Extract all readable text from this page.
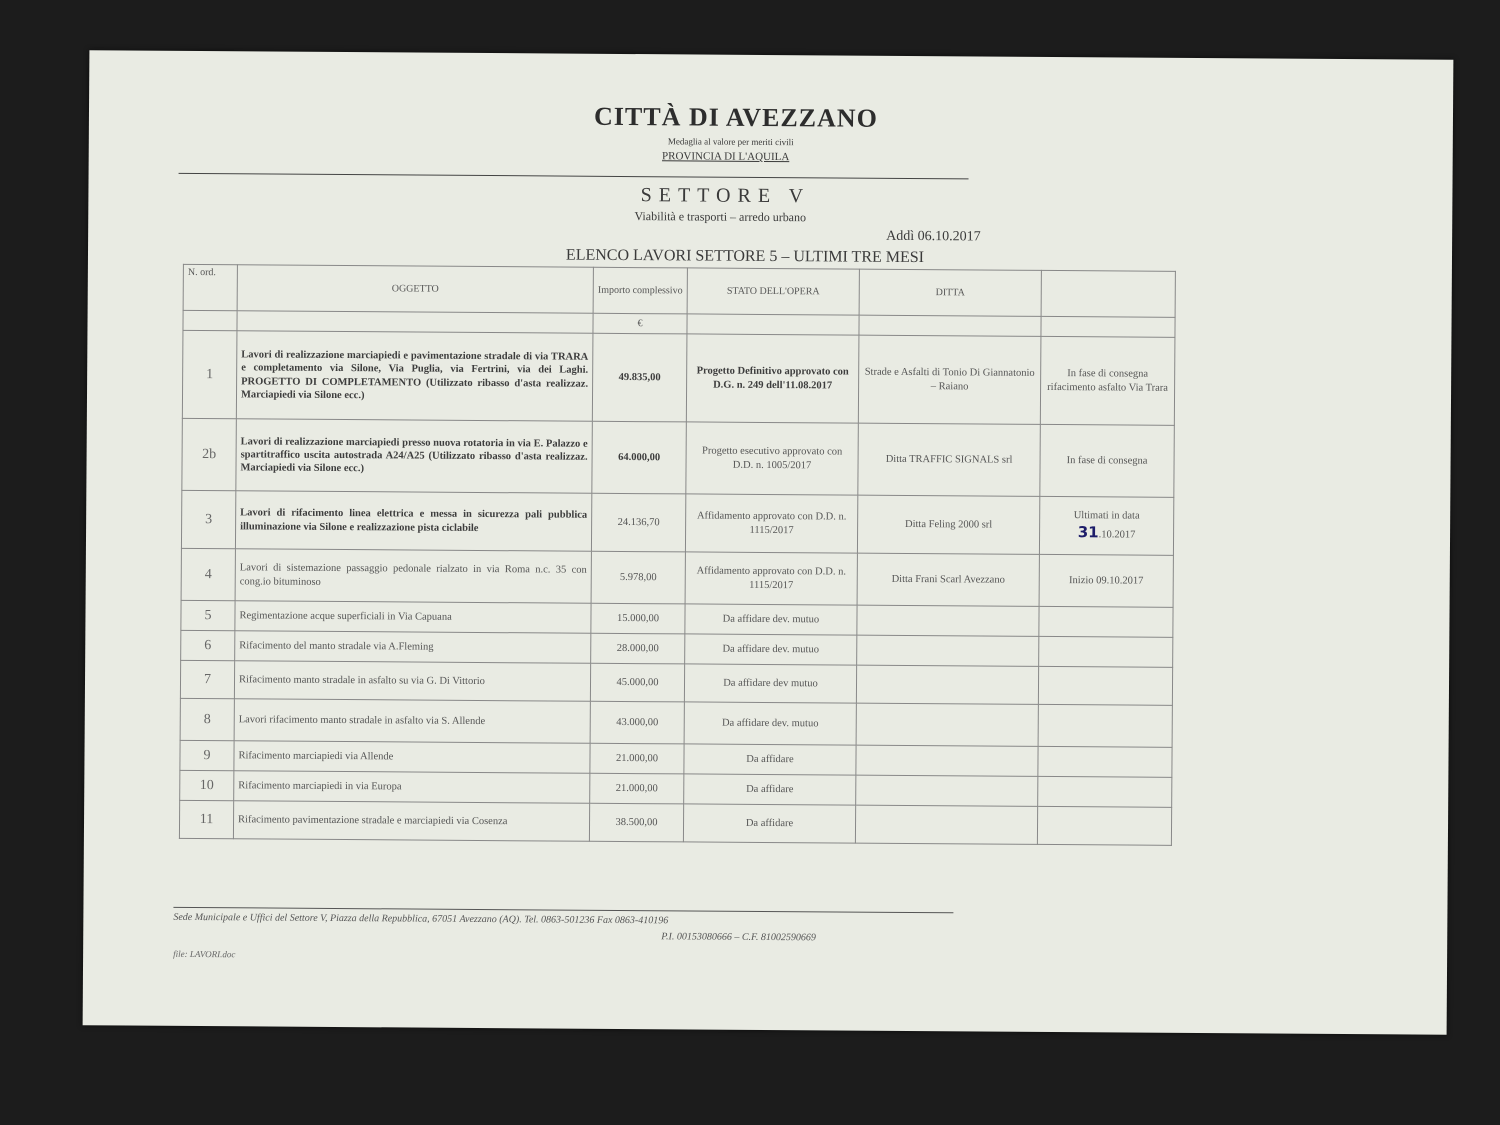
CITTÀ DI AVEZZANO
Medaglia al valore per meriti civili
PROVINCIA DI L'AQUILA
SETTORE V
Viabilità e trasporti – arredo urbano
Addì 06.10.2017
ELENCO LAVORI SETTORE 5 – ULTIMI TRE MESI
N. ord.	OGGETTO	Importo complessivo	STATO DELL'OPERA	DITTA	
		€			
1	Lavori di realizzazione marciapiedi e pavimentazione stradale di via TRARA e completamento via Silone, Via Puglia, via Fertrini, via dei Laghi. PROGETTO DI COMPLETAMENTO (Utilizzato ribasso d'asta realizzaz. Marciapiedi via Silone ecc.)	49.835,00	Progetto Definitivo approvato con D.G. n. 249 dell'11.08.2017	Strade e Asfalti di Tonio Di Giannatonio – Raiano	In fase di consegna rifacimento asfalto Via Trara
2b	Lavori di realizzazione marciapiedi presso nuova rotatoria in via E. Palazzo e spartitraffico uscita autostrada A24/A25 (Utilizzato ribasso d'asta realizzaz. Marciapiedi via Silone ecc.)	64.000,00	Progetto esecutivo approvato con D.D. n. 1005/2017	Ditta TRAFFIC SIGNALS srl	In fase di consegna
3	Lavori di rifacimento linea elettrica e messa in sicurezza pali pubblica illuminazione via Silone e realizzazione pista ciclabile	24.136,70	Affidamento approvato con D.D. n. 1115/2017	Ditta Feling 2000 srl	Ultimati in data
31.10.2017
4	Lavori di sistemazione passaggio pedonale rialzato in via Roma n.c. 35 con cong.io bituminoso	5.978,00	Affidamento approvato con D.D. n. 1115/2017	Ditta Frani Scarl Avezzano	Inizio 09.10.2017
5	Regimentazione acque superficiali in Via Capuana	15.000,00	Da affidare dev. mutuo		
6	Rifacimento del manto stradale via A.Fleming	28.000,00	Da affidare dev. mutuo		
7	Rifacimento manto stradale in asfalto su via G. Di Vittorio	45.000,00	Da affidare dev mutuo		
8	Lavori rifacimento manto stradale in asfalto via S. Allende	43.000,00	Da affidare dev. mutuo		
9	Rifacimento marciapiedi via Allende	21.000,00	Da affidare		
10	Rifacimento marciapiedi in via Europa	21.000,00	Da affidare		
11	Rifacimento pavimentazione stradale e marciapiedi via Cosenza	38.500,00	Da affidare		
Sede Municipale e Uffici del Settore V, Piazza della Repubblica, 67051 Avezzano (AQ). Tel. 0863-501236 Fax 0863-410196
P.I. 00153080666 – C.F. 81002590669
file: LAVORI.doc
